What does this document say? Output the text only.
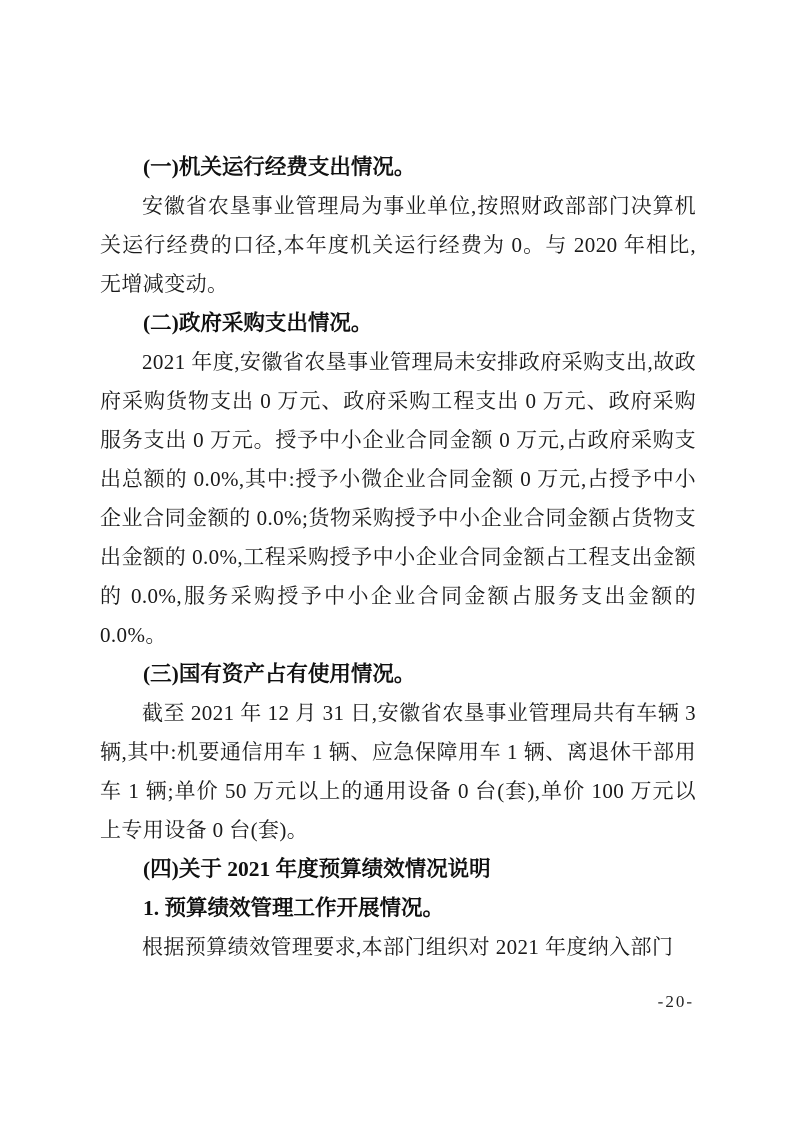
(一)机关运行经费支出情况。
安徽省农垦事业管理局为事业单位,按照财政部部门决算机关运行经费的口径,本年度机关运行经费为 0。与 2020 年相比,无增减变动。
(二)政府采购支出情况。
2021 年度,安徽省农垦事业管理局未安排政府采购支出,故政府采购货物支出 0 万元、政府采购工程支出 0 万元、政府采购服务支出 0 万元。授予中小企业合同金额 0 万元,占政府采购支出总额的 0.0%,其中:授予小微企业合同金额 0 万元,占授予中小企业合同金额的 0.0%;货物采购授予中小企业合同金额占货物支出金额的 0.0%,工程采购授予中小企业合同金额占工程支出金额的 0.0%,服务采购授予中小企业合同金额占服务支出金额的 0.0%。
(三)国有资产占有使用情况。
截至 2021 年 12 月 31 日,安徽省农垦事业管理局共有车辆 3 辆,其中:机要通信用车 1 辆、应急保障用车 1 辆、离退休干部用车 1 辆;单价 50 万元以上的通用设备 0 台(套),单价 100 万元以上专用设备 0 台(套)。
(四)关于 2021 年度预算绩效情况说明
1. 预算绩效管理工作开展情况。
根据预算绩效管理要求,本部门组织对 2021 年度纳入部门
-20-
